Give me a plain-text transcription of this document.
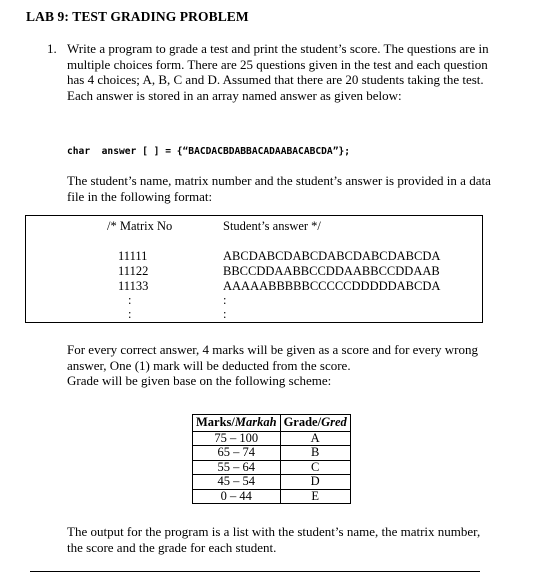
LAB 9: TEST GRADING PROBLEM
1. Write a program to grade a test and print the student’s score. The questions are in multiple choices form. There are 25 questions given in the test and each question has 4 choices; A, B, C and D. Assumed that there are 20 students taking the test. Each answer is stored in an array named answer as given below:
char  answer [ ] = {“BACDACBDABBACADAABACABCDA”};
The student’s name, matrix number and the student’s answer is provided in a data file in the following format:
/* Matrix No	Student’s answer */
11111	ABCDABCDABCDABCDABCDABCDA
11122	BBCCDDAABBCCDDAABBCCDDAAB
11133	AAAAABBBBBCCCCCDDDDDABCDA
:	:
:	:
For every correct answer, 4 marks will be given as a score and for every wrong answer, One (1) mark will be deducted from the score.
Grade will be given base on the following scheme:
Marks/Markah	Grade/Gred
75 – 100	A
65 – 74	B
55 – 64	C
45 – 54	D
0 – 44	E
The output for the program is a list with the student’s name, the matrix number, the score and the grade for each student.
